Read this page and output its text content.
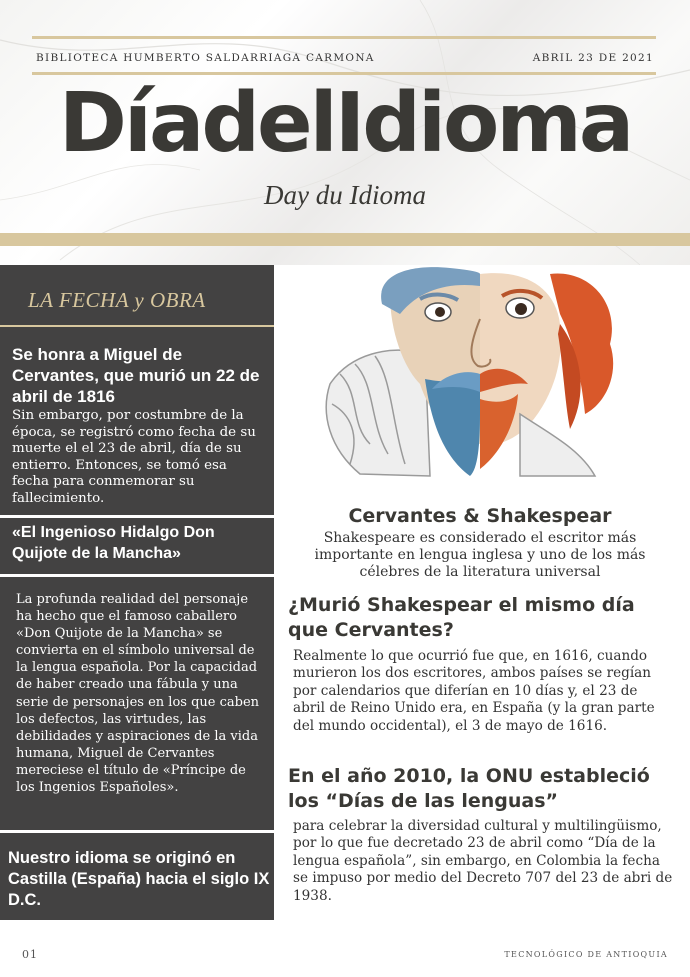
BIBLIOTECA HUMBERTO SALDARRIAGA CARMONA	ABRIL 23 DE 2021
DíadelIdioma
Day du Idioma
LA FECHA y OBRA
Se honra a Miguel de Cervantes, que murió un 22 de abril de 1816
Sin embargo, por costumbre de la época, se registró como fecha de su muerte el el 23 de abril, día de su entierro. Entonces, se tomó esa fecha para conmemorar su fallecimiento.
«El Ingenioso Hidalgo Don Quijote de la Mancha»
La profunda realidad del personaje ha hecho que el famoso caballero «Don Quijote de la Mancha» se convierta en el símbolo universal de la lengua española. Por la capacidad de haber creado una fábula y una serie de personajes en los que caben los defectos, las virtudes, las debilidades y aspiraciones de la vida humana, Miguel de Cervantes mereciese el título de «Príncipe de los Ingenios Españoles».
Nuestro idioma se originó en Castilla (España) hacia el siglo IX D.C.
Cervantes & Shakespear
Shakespeare es considerado el escritor más importante en lengua inglesa y uno de los más célebres de la literatura universal
¿Murió Shakespear el mismo día que Cervantes?
Realmente lo que ocurrió fue que, en 1616, cuando murieron los dos escritores, ambos países se regían por calendarios que diferían en 10 días y, el 23 de abril de Reino Unido era, en España (y la gran parte del mundo occidental), el 3 de mayo de 1616.
En el año 2010, la ONU estableció los “Días de las lenguas”
para celebrar la diversidad cultural y multilingüismo, por lo que fue decretado 23 de abril como “Día de la lengua española”, sin embargo, en Colombia la fecha se impuso por medio del Decreto 707 del 23 de abri de 1938.
01	TECNOLÓGICO DE ANTIOQUIA
